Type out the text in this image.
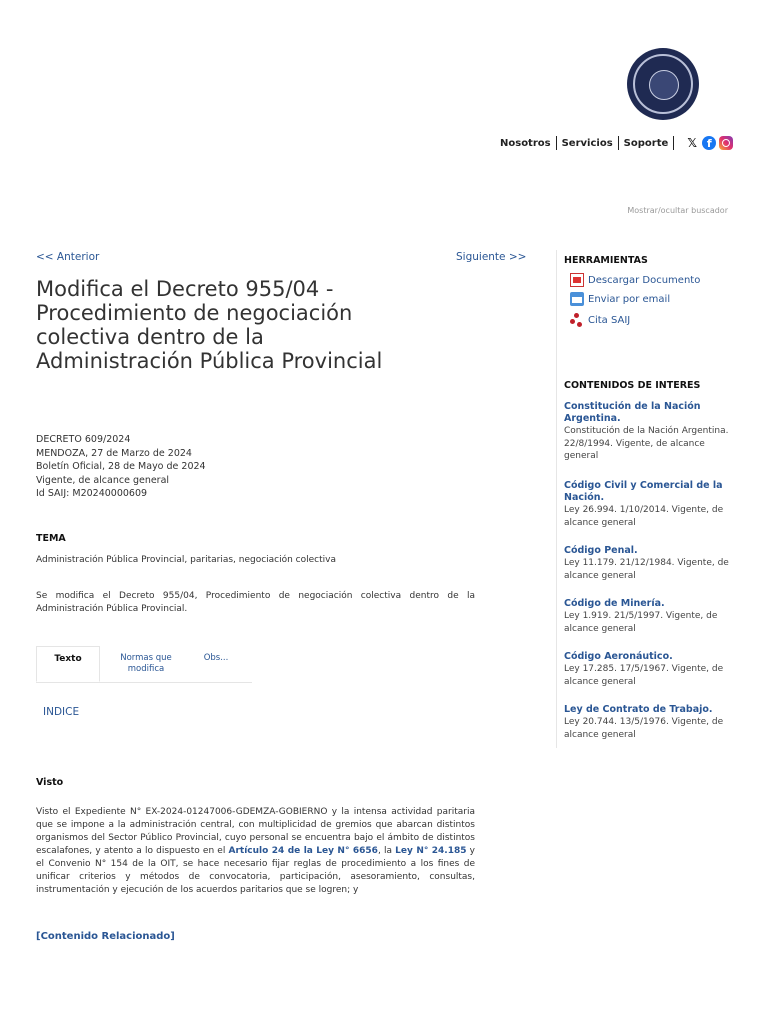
Nosotros Servicios Soporte 𝕏 f
Mostrar/ocultar buscador
<< Anterior	Siguiente >>
Modifica el Decreto 955/04 - Procedimiento de negociación colectiva dentro de la Administración Pública Provincial
DECRETO 609/2024
MENDOZA, 27 de Marzo de 2024
Boletín Oficial, 28 de Mayo de 2024
Vigente, de alcance general
Id SAIJ: M20240000609
TEMA
Administración Pública Provincial, paritarias, negociación colectiva
Se modifica el Decreto 955/04, Procedimiento de negociación colectiva dentro de la Administración Pública Provincial.
Texto	Normas que modifica
Obs...
INDICE
Visto
Visto el Expediente N° EX-2024-01247006-GDEMZA-GOBIERNO y la intensa actividad paritaria que se impone a la administración central, con multiplicidad de gremios que abarcan distintos organismos del Sector Público Provincial, cuyo personal se encuentra bajo el ámbito de distintos escalafones, y atento a lo dispuesto en el Artículo 24 de la Ley N° 6656, la Ley N° 24.185 y el Convenio N° 154 de la OIT, se hace necesario fijar reglas de procedimiento a los fines de unificar criterios y métodos de convocatoria, participación, asesoramiento, consultas, instrumentación y ejecución de los acuerdos paritarios que se logren; y
[Contenido Relacionado]
HERRAMIENTAS
Descargar Documento
Enviar por email
Cita SAIJ
CONTENIDOS DE INTERES
Constitución de la Nación Argentina.
Constitución de la Nación Argentina. 22/8/1994. Vigente, de alcance general
Código Civil y Comercial de la Nación.
Ley 26.994. 1/10/2014. Vigente, de alcance general
Código Penal.
Ley 11.179. 21/12/1984. Vigente, de alcance general
Código de Minería.
Ley 1.919. 21/5/1997. Vigente, de alcance general
Código Aeronáutico.
Ley 17.285. 17/5/1967. Vigente, de alcance general
Ley de Contrato de Trabajo.
Ley 20.744. 13/5/1976. Vigente, de alcance general
